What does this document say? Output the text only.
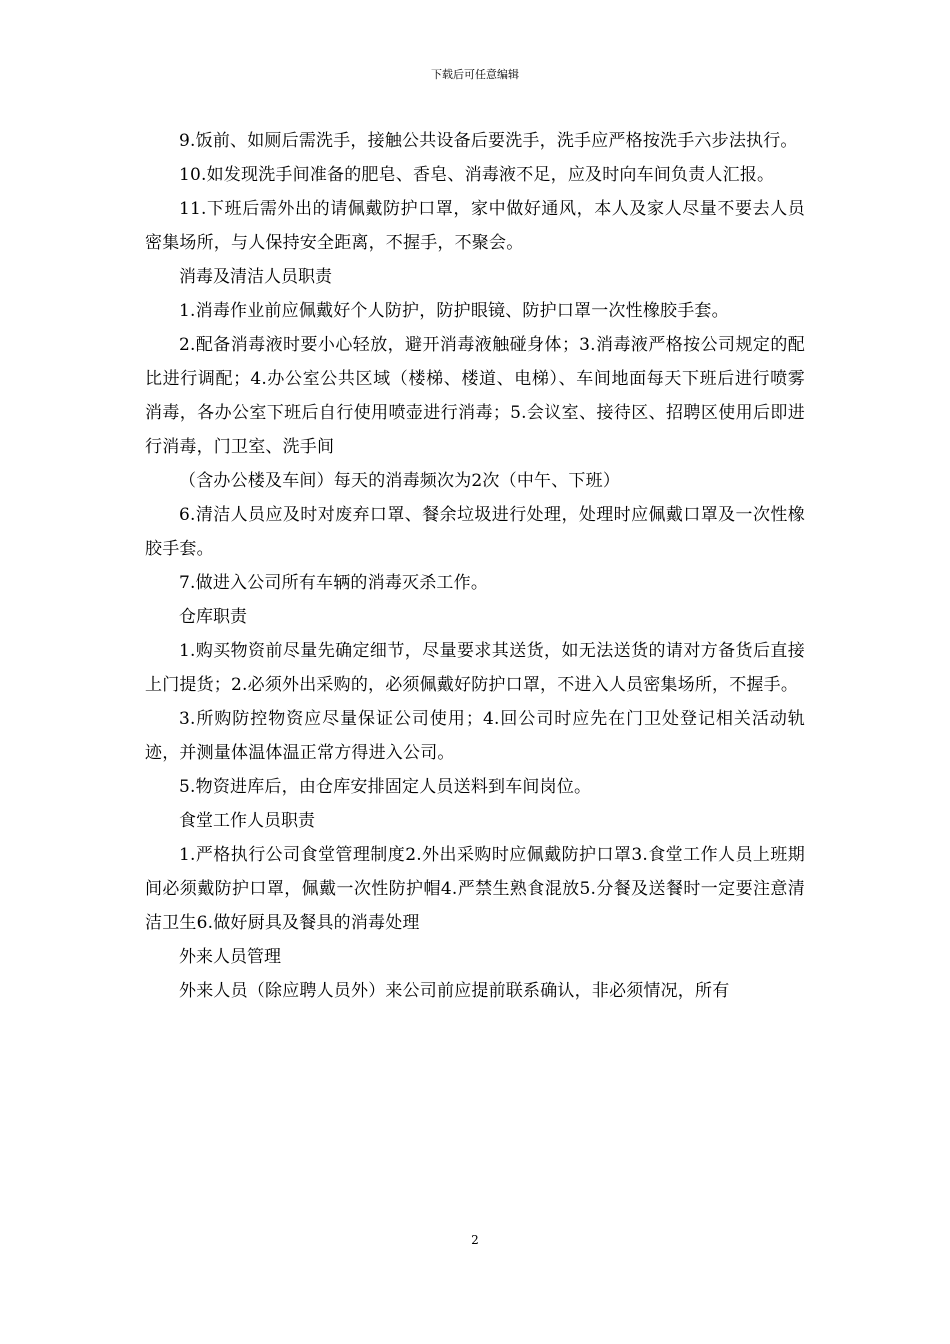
下载后可任意编辑

9.饭前、如厕后需洗手，接触公共设备后要洗手，洗手应严格按洗手六步法执行。

10.如发现洗手间准备的肥皂、香皂、消毒液不足，应及时向车间负责人汇报。

11.下班后需外出的请佩戴防护口罩，家中做好通风，本人及家人尽量不要去人员密集场所，与人保持安全距离，不握手，不聚会。

消毒及清洁人员职责

1.消毒作业前应佩戴好个人防护，防护眼镜、防护口罩一次性橡胶手套。

2.配备消毒液时要小心轻放，避开消毒液触碰身体；3.消毒液严格按公司规定的配比进行调配；4.办公室公共区域（楼梯、楼道、电梯）、车间地面每天下班后进行喷雾消毒，各办公室下班后自行使用喷壶进行消毒；5.会议室、接待区、招聘区使用后即进行消毒，门卫室、洗手间

（含办公楼及车间）每天的消毒频次为2次（中午、下班）

6.清洁人员应及时对废弃口罩、餐余垃圾进行处理，处理时应佩戴口罩及一次性橡胶手套。

7.做进入公司所有车辆的消毒灭杀工作。

仓库职责

1.购买物资前尽量先确定细节，尽量要求其送货，如无法送货的请对方备货后直接上门提货；2.必须外出采购的，必须佩戴好防护口罩，不进入人员密集场所，不握手。

3.所购防控物资应尽量保证公司使用；4.回公司时应先在门卫处登记相关活动轨迹，并测量体温体温正常方得进入公司。

5.物资进库后，由仓库安排固定人员送料到车间岗位。

食堂工作人员职责

1.严格执行公司食堂管理制度2.外出采购时应佩戴防护口罩3.食堂工作人员上班期间必须戴防护口罩，佩戴一次性防护帽4.严禁生熟食混放5.分餐及送餐时一定要注意清洁卫生6.做好厨具及餐具的消毒处理

外来人员管理

外来人员（除应聘人员外）来公司前应提前联系确认，非必须情况，所有

2
